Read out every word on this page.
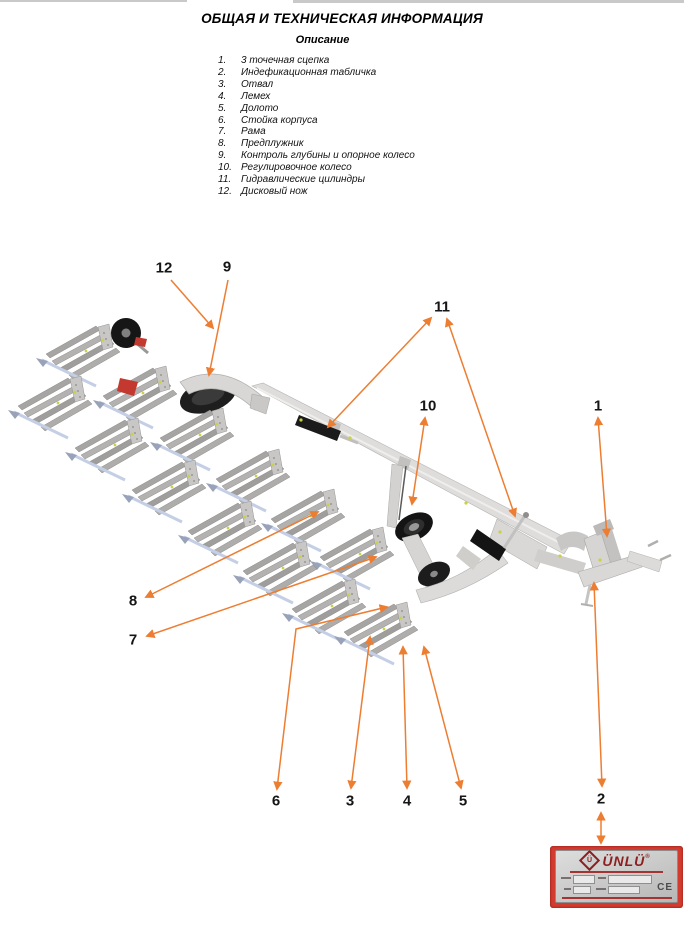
ОБЩАЯ И ТЕХНИЧЕСКАЯ ИНФОРМАЦИЯ
Описание
1.	3 точечная сцепка
2.	Индефикационная табличка
3.	Отвал
4.	Лемех
5.	Долото
6.	Стойка корпуса
7.	Рама
8.	Предплужник
9.	Контроль глубины и опорное колесо
10. Регулировочное колесо
11. Гидравлические цилиндры
12. Дисковый нож
12	9
11
10	1
8
7
6	3	4	5	2
Ü ÜNLÜ®
CE
